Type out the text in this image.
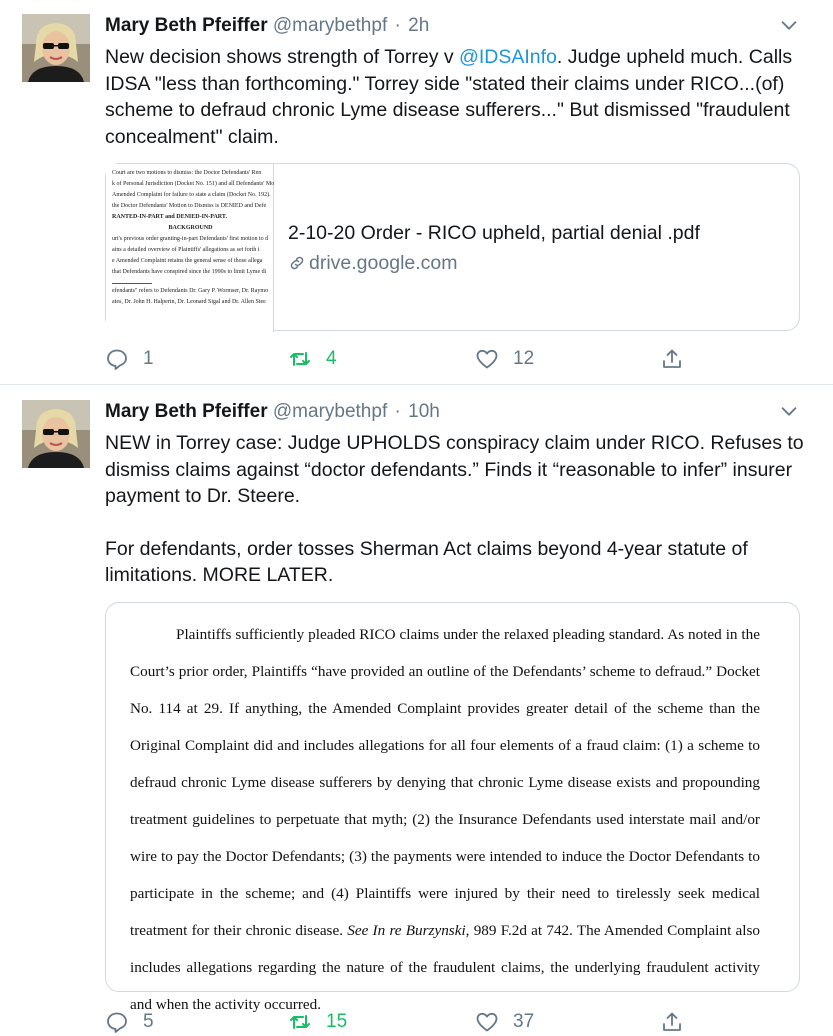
Mary Beth Pfeiffer @marybethpf · 2h
New decision shows strength of Torrey v @IDSAInfo. Judge upheld much. Calls IDSA "less than forthcoming." Torrey side "stated their claims under RICO...(of) scheme to defraud chronic Lyme disease sufferers..." But dismissed "fraudulent concealment" claim.
Court are two motions to dismiss: the Doctor Defendants' Ren
k of Personal Jurisdiction (Docket No. 151) and all Defendants' Mo
Amended Complaint for failure to state a claim (Docket No. 192).
the Doctor Defendants' Motion to Dismiss is DENIED and Defe
RANTED-IN-PART and DENIED-IN-PART.
BACKGROUND
urt's previous order granting-in-part Defendants' first motion to d
ains a detailed overview of Plaintiffs' allegations as set forth i
e Amended Complaint retains the general sense of those allega
that Defendants have conspired since the 1990s to limit Lyme di
efendants" refers to Defendants Dr. Gary P. Wormser, Dr. Raymo
ates, Dr. John H. Halperin, Dr. Leonard Sigal and Dr. Allen Stee
2-10-20 Order - RICO upheld, partial denial .pdf
drive.google.com
1	4	12
Mary Beth Pfeiffer @marybethpf · 10h

NEW in Torrey case: Judge UPHOLDS conspiracy claim under RICO. Refuses to dismiss claims against “doctor defendants.” Finds it “reasonable to infer” insurer payment to Dr. Steere.

For defendants, order tosses Sherman Act claims beyond 4-year statute of limitations. MORE LATER.

Plaintiffs sufficiently pleaded RICO claims under the relaxed pleading standard. As noted in the Court’s prior order, Plaintiffs “have provided an outline of the Defendants’ scheme to defraud.” Docket No. 114 at 29. If anything, the Amended Complaint provides greater detail of the scheme than the Original Complaint did and includes allegations for all four elements of a fraud claim: (1) a scheme to defraud chronic Lyme disease sufferers by denying that chronic Lyme disease exists and propounding treatment guidelines to perpetuate that myth; (2) the Insurance Defendants used interstate mail and/or wire to pay the Doctor Defendants; (3) the payments were intended to induce the Doctor Defendants to participate in the scheme; and (4) Plaintiffs were injured by their need to tirelessly seek medical treatment for their chronic disease. See In re Burzynski, 989 F.2d at 742. The Amended Complaint also includes allegations regarding the nature of the fraudulent claims, the underlying fraudulent activity and when the activity occurred.
5	15	37
